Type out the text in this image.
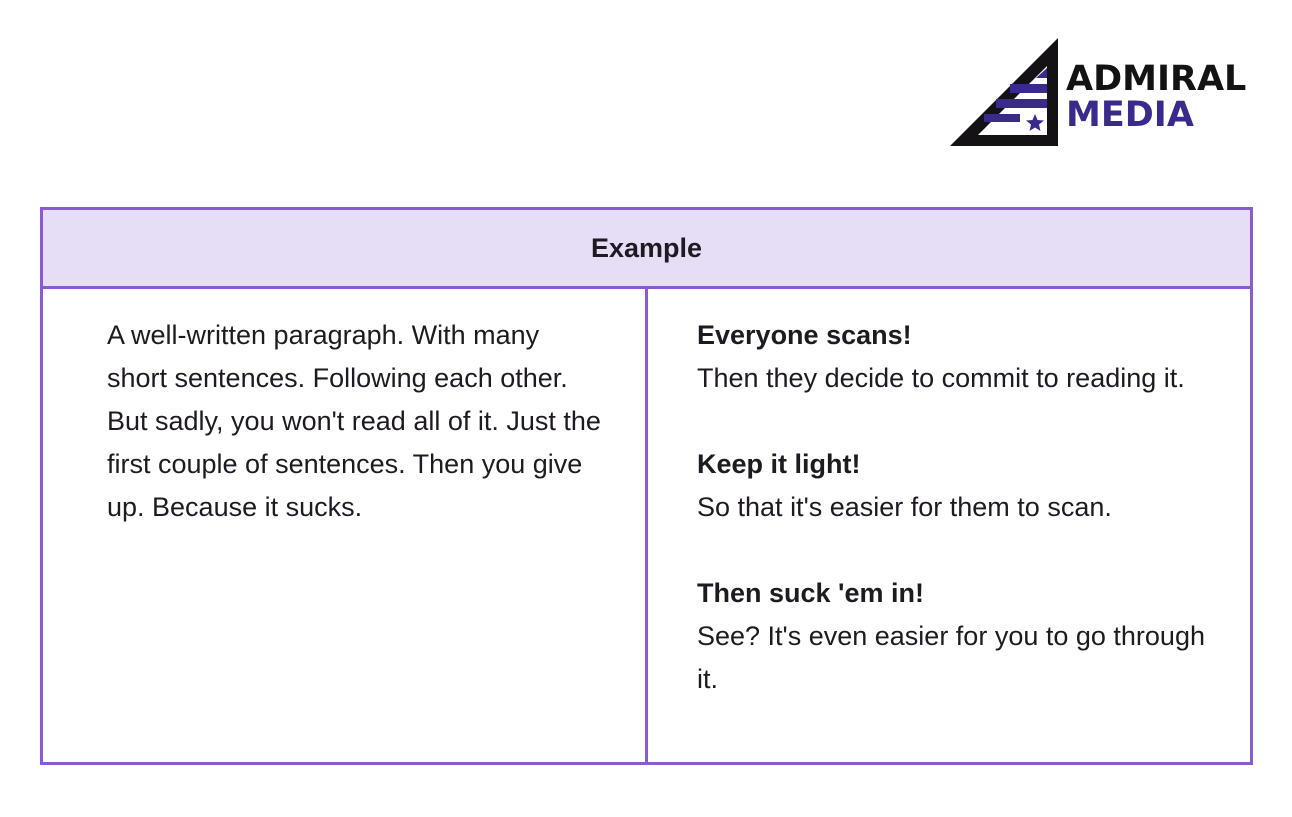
ADMIRAL
MEDIA
Example

A well-written paragraph. With many short sentences. Following each other. But sadly, you won't read all of it. Just the first couple of sentences. Then you give up. Because it sucks.

Everyone scans!
Then they decide to commit to reading it.
Keep it light!
So that it's easier for them to scan.
Then suck 'em in!
See? It's even easier for you to go through it.
